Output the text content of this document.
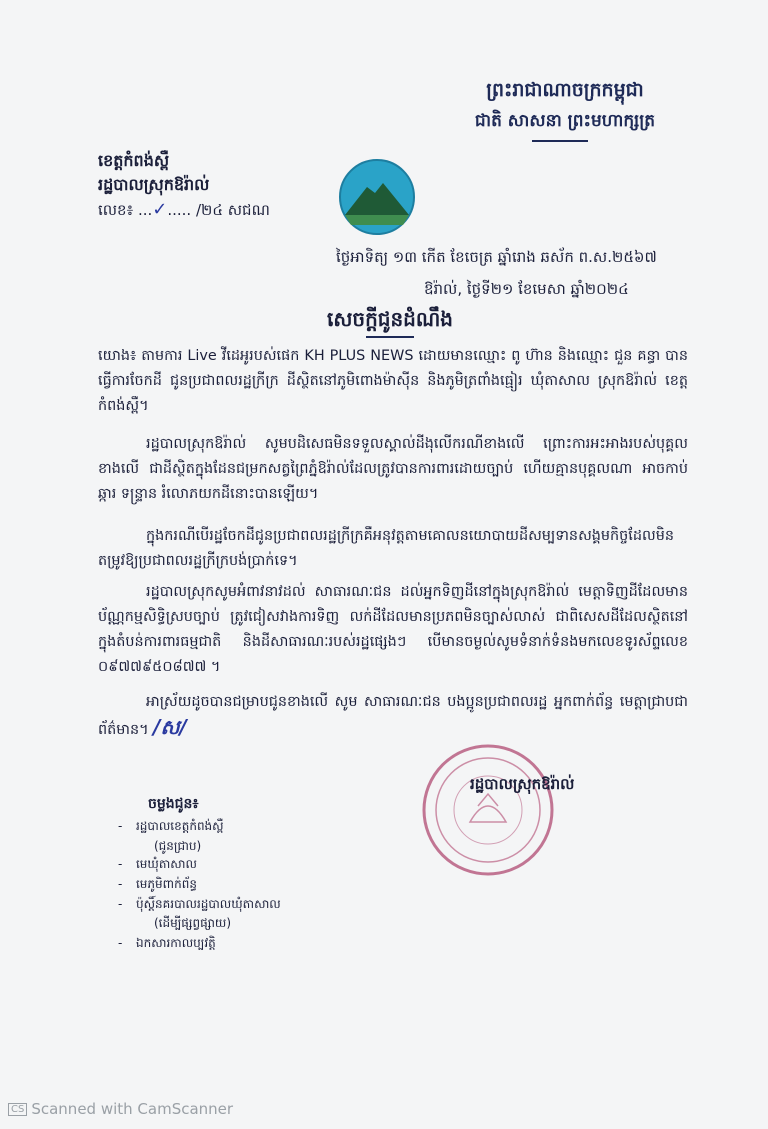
ព្រះរាជាណាចក្រកម្ពុជា
ជាតិ សាសនា ព្រះមហាក្សត្រ
ខេត្តកំពង់ស្ពឺ
រដ្ឋបាលស្រុកឱរ៉ាល់
លេខ៖ ...✓..... /២៤ សជណ
ថ្ងៃអាទិត្យ ១៣ កើត ខែចេត្រ ឆ្នាំរោង ឆស័ក ព.ស.២៥៦៧
ឱរ៉ាល់, ថ្ងៃទី២១ ខែមេសា ឆ្នាំ២០២៤
សេចក្តីជូនដំណឹង
យោង៖ តាមការ Live វីដេអូរបស់ផេក KH PLUS NEWS ដោយមានឈ្មោះ ពូ ហ៊ាន និងឈ្មោះ ជួន គន្ធា បានធ្វើការចែកដី ជូនប្រជាពលរដ្ឋក្រីក្រ ដីស្ថិតនៅភូមិពោងម៉ាស៊ីន និងភូមិត្រពាំងធ្មៀរ ឃុំតាសាល ស្រុកឱរ៉ាល់ ខេត្តកំពង់ស្ពឺ។
រដ្ឋបាលស្រុកឱរ៉ាល់ សូមបដិសេធមិនទទួលស្គាល់ដីងុលើករណីខាងលើ ព្រោះការអះអាងរបស់បុគ្គលខាងលើ ជាដីស្ថិតក្នុងដែនជម្រកសត្វព្រៃភ្នំឱរ៉ាល់ដែលត្រូវបានការពារដោយច្បាប់ ហើយគ្មានបុគ្គលណា អាចកាប់ឆ្ការ ទន្ទ្រាន រំលោភយកដីនោះបានឡើយ។
ក្នុងករណីបើរដ្ឋចែកដីជូនប្រជាពលរដ្ឋក្រីក្រគឺអនុវត្តតាមគោលនយោបាយដីសម្បទានសង្គមកិច្ចដែលមិនតម្រូវឱ្យប្រជាពលរដ្ឋក្រីក្របង់ប្រាក់ទេ។
រដ្ឋបាលស្រុកសូមអំពាវនាវដល់ សាធារណៈជន ដល់អ្នកទិញដីនៅក្នុងស្រុកឱរ៉ាល់ មេត្តាទិញដីដែលមានប័ណ្ណកម្មសិទ្ធិស្របច្បាប់ ត្រូវជៀសវាងការទិញ លក់ដីដែលមានប្រភពមិនច្បាស់លាស់ ជាពិសេសដីដែលស្ថិតនៅក្នុងតំបន់ការពារធម្មជាតិ និងដីសាធារណៈរបស់រដ្ឋផ្សេងៗ បើមានចម្ងល់សូមទំនាក់ទំនងមកលេខទូរស័ព្ទលេខ ០៩៧៧៩៥០៨៧៧ ។
អាស្រ័យដូចបានជម្រាបជូនខាងលើ សូម សាធារណៈជន បងប្អូនប្រជាពលរដ្ឋ អ្នកពាក់ព័ន្ធ មេត្តាជ្រាបជាព័ត៌មាន។ /ស/
រដ្ឋបាលស្រុកឱរ៉ាល់
ចម្លងជូន៖
- រដ្ឋបាលខេត្តកំពង់ស្ពឺ
(ជូនជ្រាប)
- មេឃុំតាសាល
- មេភូមិពាក់ព័ន្ធ
- ប៉ុស្តិ៍នគរបាលរដ្ឋបាលឃុំតាសាល
(ដើម្បីផ្សព្វផ្សាយ)
- ឯកសារកាលប្បវត្តិ
CS Scanned with CamScanner
